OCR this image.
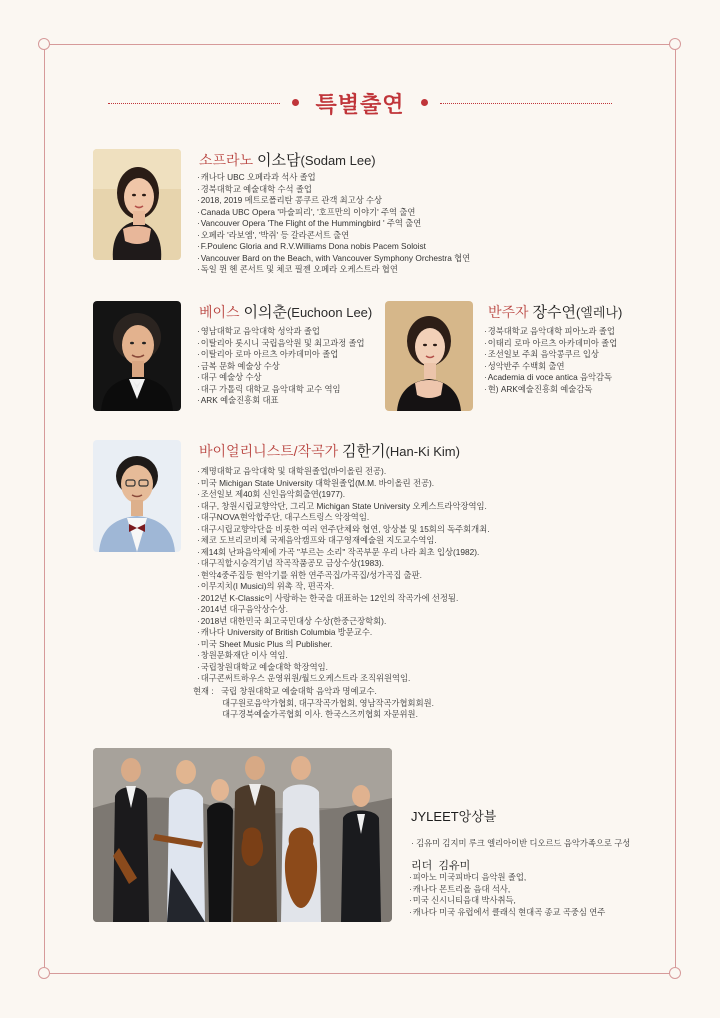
특별출연
소프라노 이소담(Sodam Lee)
· 캐나다 UBC 오페라과 석사 졸업
· 경북대학교 예술대학 수석 졸업
· 2018, 2019 메트로폴리탄 콩쿠르 관객 최고상 수상
· Canada UBC Opera '마술피리', '호프만의 이야기' 주역 출연
· Vancouver Opera 'The Flight of the Hummingbird ' 주역 출연
· 오페라 '라보엠', '박쥐' 등 갈라콘서트 출연
· F.Poulenc Gloria and R.V.Williams Dona nobis Pacem Soloist
· Vancouver Bard on the Beach, with Vancouver Symphony Orchestra 협연
· 독일 뮌 헨 콘서트 및 체코 필젠 오페라 오케스트라 협연
베이스 이의춘(Euchoon Lee)
· 영남대학교 음악대학 성악과 졸업
· 이탈리아 롯시니 국립음악원 및 최고과정 졸업
· 이탈리아 로마 아르츠 아카데미아 졸업
· 금복 문화 예술상 수상
· 대구 예술상 수상
· 대구 가톨릭 대학교 음악대학 교수 역임
· ARK 예술진흥회 대표
반주자 장수연(엘레나)
· 경북대학교 음악대학 피아노과 졸업
· 이태리 로마 아르츠 아카데미아 졸업
· 조선일보 주최 음악콩쿠르 입상
· 성악반주 수백회 출연
· Academia di voce antica 음악감독
· 현) ARK예술진흥회 예술감독
바이얼리니스트/작곡가 김한기(Han-Ki Kim)
· 계명대학교 음악대학 및 대학원졸업(바이올린 전공).
· 미국 Michigan State University 대학원졸업(M.M. 바이올린 전공).
· 조선일보 제40회 신인음악회출연(1977).
· 대구, 창원시립교향악단, 그리고 Michigan State University 오케스트라악장역임.
· 대구NOVA현악합주단, 대구스트링스 악장역임.
· 대구시립교향악단을 비롯한 여러 연주단체와 협연, 앙상블 및 15회의 독주회개최.
· 체코 도브리코비체 국제음악캠프와 대구영재예술원 지도교수역임.
· 제14회 난파음악제에 가곡 "부르는 소리" 작곡부문 우리 나라 최초 입상(1982).
· 대구직할시승격기념 작곡작품공모 금상수상(1983).
· 현악4중주집등 현악기를 위한 연주곡집/가곡집/성가곡집 출판.
· 이무지치(I Musici)의 위촉 작, 편곡자.
· 2012년 K-Classic이 사랑하는 한국을 대표하는 12인의 작곡가에 선정됨.
· 2014년 대구음악상수상.
· 2018년 대한민국 최고국민대상 수상(한중근장학회).
· 캐나다 University of British Columbia 방문교수.
· 미국 Sheet Music Plus 의 Publisher.
· 창원문화재단 이사 역임.
· 국립창원대학교 예술대학 학장역임.
· 대구콘써트하우스 운영위원/월드오케스트라 조직위원역임.
현재 : 국립 창원대학교 예술대학 음악과 명예교수.
대구원로음악가협회, 대구작곡가협회, 영남작곡가협회회원.
대구경북예술가곡협회 이사. 한국스즈끼협회 자문위원.
JYLEET앙상블
· 김유미 김지미 루크 엘리아이반 디오르드 음악가족으로 구성
리더 김유미
· 피아노 미국피바디 음악원 졸업,
· 캐나다 몬트리올 음대 석사,
· 미국 신시니티음대 박사취득,
· 캐나다 미국 유럽에서 클래식 현대곡 종교 곡중심 연주
